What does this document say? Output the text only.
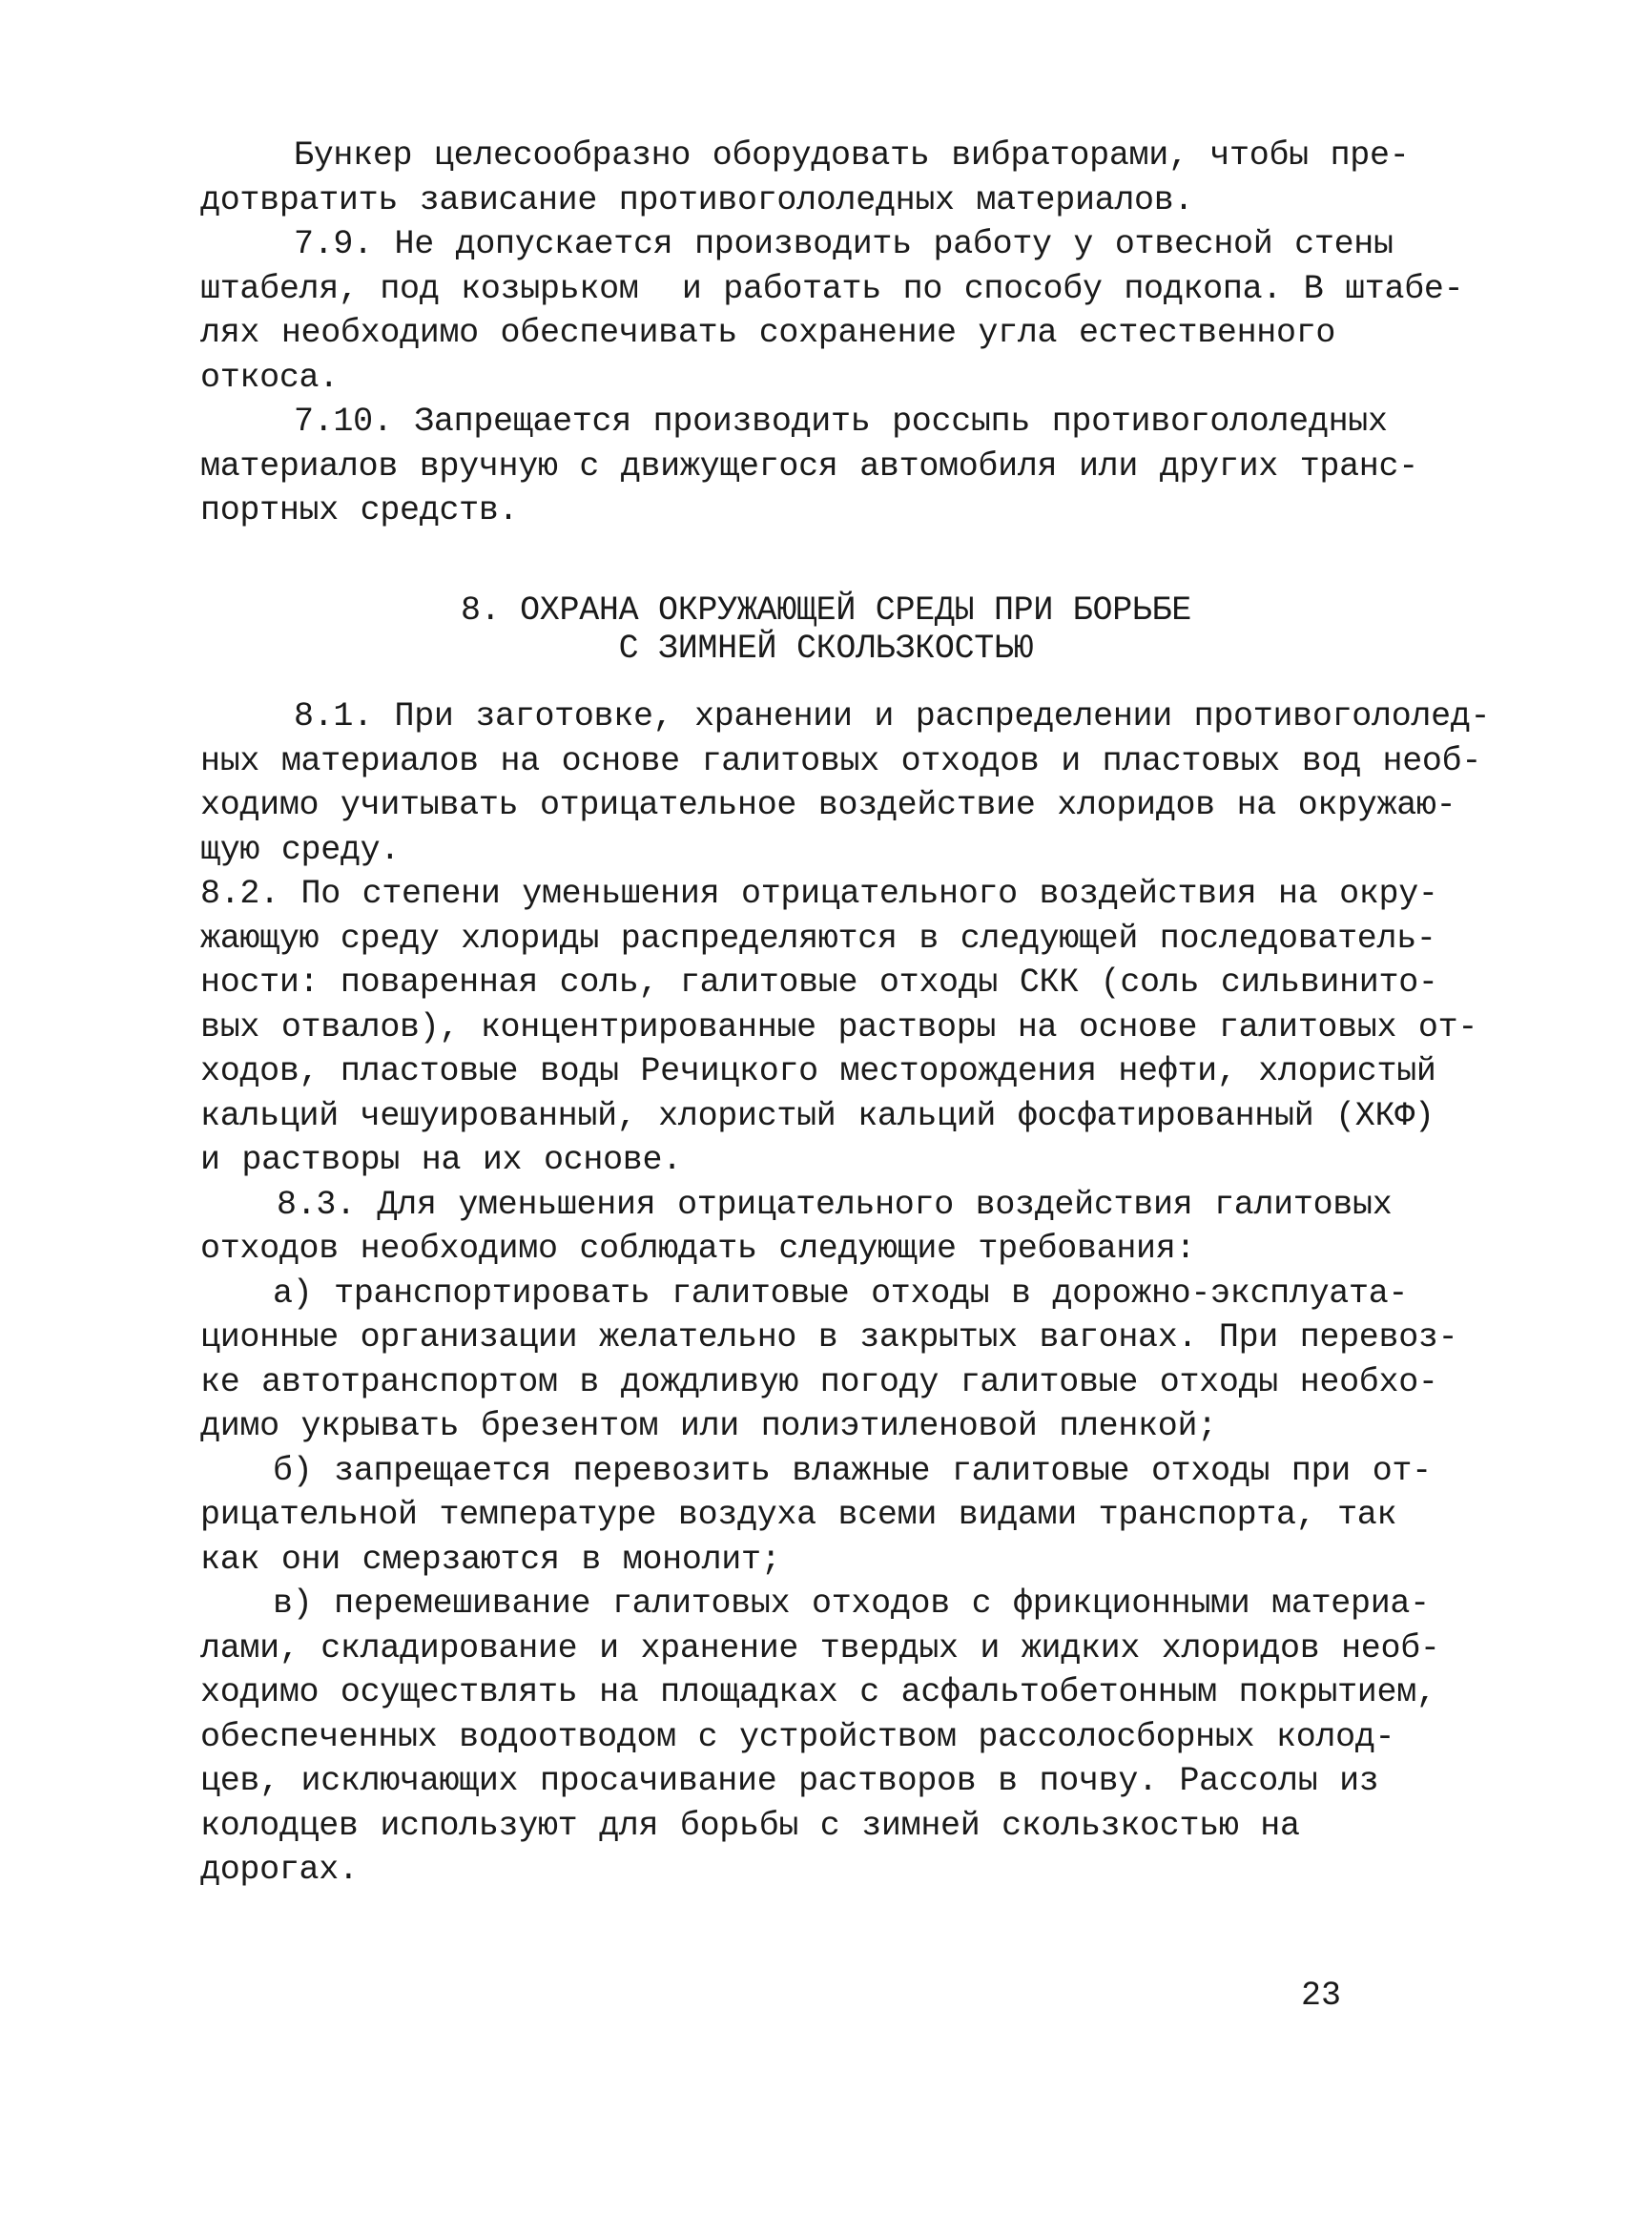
Бункер целесообразно оборудовать вибраторами, чтобы пре-
дотвратить зависание противогололедных материалов.
7.9. Не допускается производить работу у отвесной стены
штабеля, под козырьком  и работать по способу подкопа. В штабе-
лях необходимо обеспечивать сохранение угла естественного
откоса.
7.10. Запрещается производить россыпь противогололедных
материалов вручную с движущегося автомобиля или других транс-
портных средств.
8. ОХРАНА ОКРУЖАЮЩЕЙ СРЕДЫ ПРИ БОРЬБЕ
С ЗИМНЕЙ СКОЛЬЗКОСТЬЮ
8.1. При заготовке, хранении и распределении противогололед-
ных материалов на основе галитовых отходов и пластовых вод необ-
ходимо учитывать отрицательное воздействие хлоридов на окружаю-
щую среду.
8.2. По степени уменьшения отрицательного воздействия на окру-
жающую среду хлориды распределяются в следующей последователь-
ности: поваренная соль, галитовые отходы СКК (соль сильвинито-
вых отвалов), концентрированные растворы на основе галитовых от-
ходов, пластовые воды Речицкого месторождения нефти, хлористый
кальций чешуированный, хлористый кальций фосфатированный (ХКФ)
и растворы на их основе.
8.3. Для уменьшения отрицательного воздействия галитовых
отходов необходимо соблюдать следующие требования:
а) транспортировать галитовые отходы в дорожно-эксплуата-
ционные организации желательно в закрытых вагонах. При перевоз-
ке автотранспортом в дождливую погоду галитовые отходы необхо-
димо укрывать брезентом или полиэтиленовой пленкой;
б) запрещается перевозить влажные галитовые отходы при от-
рицательной температуре воздуха всеми видами транспорта, так
как они смерзаются в монолит;
в) перемешивание галитовых отходов с фрикционными материа-
лами, складирование и хранение твердых и жидких хлоридов необ-
ходимо осуществлять на площадках с асфальтобетонным покрытием,
обеспеченных водоотводом с устройством рассолосборных колод-
цев, исключающих просачивание растворов в почву. Рассолы из
колодцев используют для борьбы с зимней скользкостью на
дорогах.
23
